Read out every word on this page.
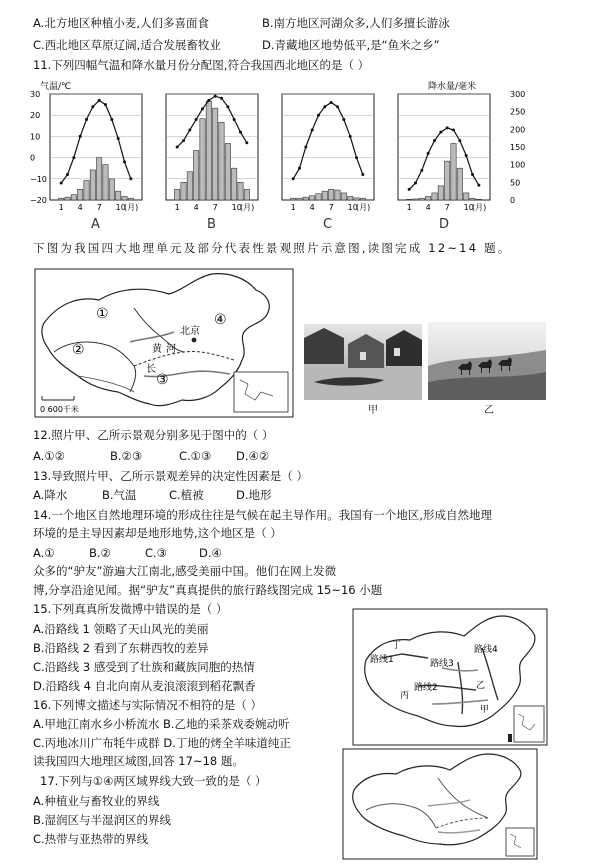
A.北方地区种植小麦,人们多喜面食	B.南方地区河湖众多,人们多擅长游泳
C.西北地区草原辽阔,适合发展畜牧业	D.青藏地区地势低平,是“鱼米之乡”
11.下列四幅气温和降水量月份分配图,符合我国西北地区的是（ ）
气温/℃	降水量/毫米
30
20
10
0
−10
−20
300
250
200
150
100
50
0
1 4 7 10
(月)
A
1 4 7 10
(月)
B
1 4 7 10
(月)
C
1 4 7 10
(月)
D
下图为我国四大地理单元及部分代表性景观照片示意图,读图完成 12~14 题。
①
②
③
④
北京
黄
长
河
0 600千米	甲	乙
12.照片甲、乙所示景观分别多见于图中的（ ）
A.①②	B.②③	C.①③ D.④②
13.导致照片甲、乙所示景观差异的决定性因素是（ ）
A.降水	B.气温	C.植被	D.地形
14.一个地区自然地理环境的形成往往是气候在起主导作用。我国有一个地区,形成自然地理
环境的是主导因素却是地形地势,这个地区是（ ）
A.①	B.②	C.③	D.④
众多的“驴友”游遍大江南北,感受美丽中国。他们在网上发微
博,分享沿途见闻。据“驴友”真真提供的旅行路线图完成 15~16 小题
15.下列真真所发微博中错误的是（ ）
A.沿路线 1 领略了天山风光的美丽
B.沿路线 2 看到了东耕西牧的差异
C.沿路线 3 感受到了壮族和藏族同胞的热情
D.沿路线 4 自北向南从麦浪滚滚到稻花飘香
丁
路线1
路线4
路线3
丙
路线2	乙
甲
16.下列博文描述与实际情况不相符的是（ ）
A.甲地江南水乡小桥流水 B.乙地的采茶戏委婉动听
C.丙地冰川广布牦牛成群 D.丁地的烤全羊味道纯正
读我国四大地理区域图,回答 17~18 题。
17.下列与①④两区域界线大致一致的是（ ）
A.种植业与畜牧业的界线
B.湿润区与半湿润区的界线
C.热带与亚热带的界线
